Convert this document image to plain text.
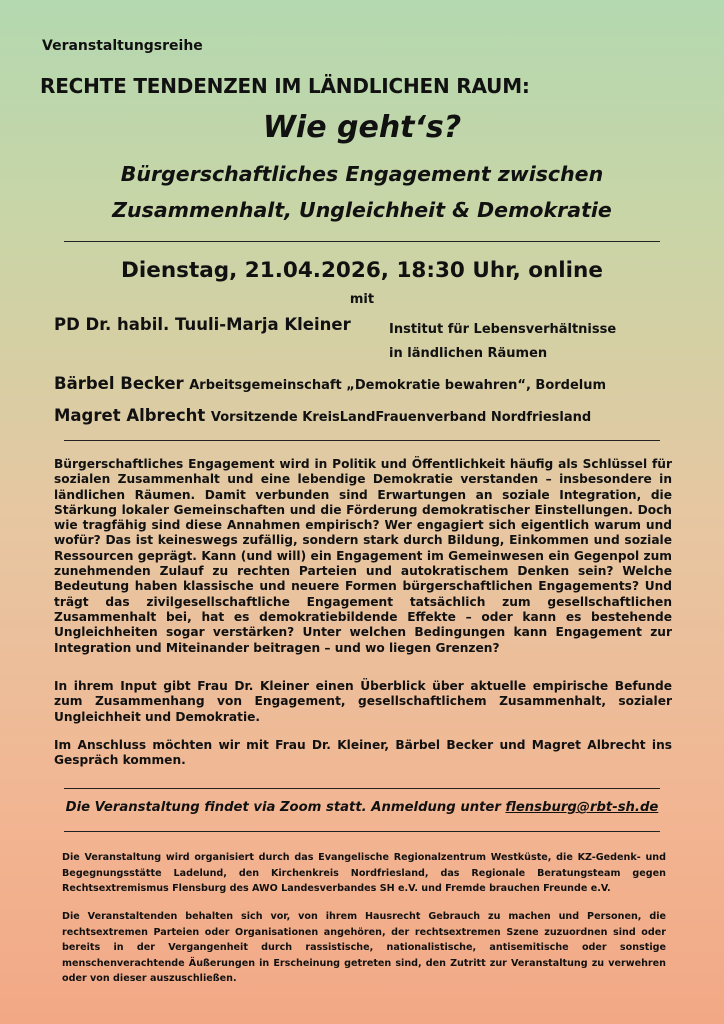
Veranstaltungsreihe
RECHTE TENDENZEN IM LÄNDLICHEN RAUM:
Wie geht‘s?
Bürgerschaftliches Engagement zwischen
Zusammenhalt, Ungleichheit & Demokratie
Dienstag, 21.04.2026, 18:30 Uhr, online
mit
PD Dr. habil. Tuuli-Marja Kleiner	Institut für Lebensverhältnisse
in ländlichen Räumen
Bärbel Becker Arbeitsgemeinschaft „Demokratie bewahren“, Bordelum
Magret Albrecht Vorsitzende KreisLandFrauenverband Nordfriesland

Bürgerschaftliches Engagement wird in Politik und Öffentlichkeit häufig als Schlüssel für sozialen Zusammenhalt und eine lebendige Demokratie verstanden – insbesondere in ländlichen Räumen. Damit verbunden sind Erwartungen an soziale Integration, die Stärkung lokaler Gemeinschaften und die Förderung demokratischer Einstellungen. Doch wie tragfähig sind diese Annahmen empirisch? Wer engagiert sich eigentlich warum und wofür? Das ist keineswegs zufällig, sondern stark durch Bildung, Einkommen und soziale Ressourcen geprägt. Kann (und will) ein Engagement im Gemeinwesen ein Gegenpol zum zunehmenden Zulauf zu rechten Parteien und autokratischem Denken sein? Welche Bedeutung haben klassische und neuere Formen bürgerschaftlichen Engagements? Und trägt das zivilgesellschaftliche Engagement tatsächlich zum gesellschaftlichen Zusammenhalt bei, hat es demokratiebildende Effekte – oder kann es bestehende Ungleichheiten sogar verstärken? Unter welchen Bedingungen kann Engagement zur Integration und Miteinander beitragen – und wo liegen Grenzen?

In ihrem Input gibt Frau Dr. Kleiner einen Überblick über aktuelle empirische Befunde zum Zusammenhang von Engagement, gesellschaftlichem Zusammenhalt, sozialer Ungleichheit und Demokratie.

Im Anschluss möchten wir mit Frau Dr. Kleiner, Bärbel Becker und Magret Albrecht ins Gespräch kommen.

Die Veranstaltung findet via Zoom statt. Anmeldung unter flensburg@rbt-sh.de

Die Veranstaltung wird organisiert durch das Evangelische Regionalzentrum Westküste, die KZ-Gedenk- und Begegnungsstätte Ladelund, den Kirchenkreis Nordfriesland, das Regionale Beratungsteam gegen Rechtsextremismus Flensburg des AWO Landesverbandes SH e.V. und Fremde brauchen Freunde e.V.

Die Veranstaltenden behalten sich vor, von ihrem Hausrecht Gebrauch zu machen und Personen, die rechtsextremen Parteien oder Organisationen angehören, der rechtsextremen Szene zuzuordnen sind oder bereits in der Vergangenheit durch rassistische, nationalistische, antisemitische oder sonstige menschenverachtende Äußerungen in Erscheinung getreten sind, den Zutritt zur Veranstaltung zu verwehren oder von dieser auszuschließen.
